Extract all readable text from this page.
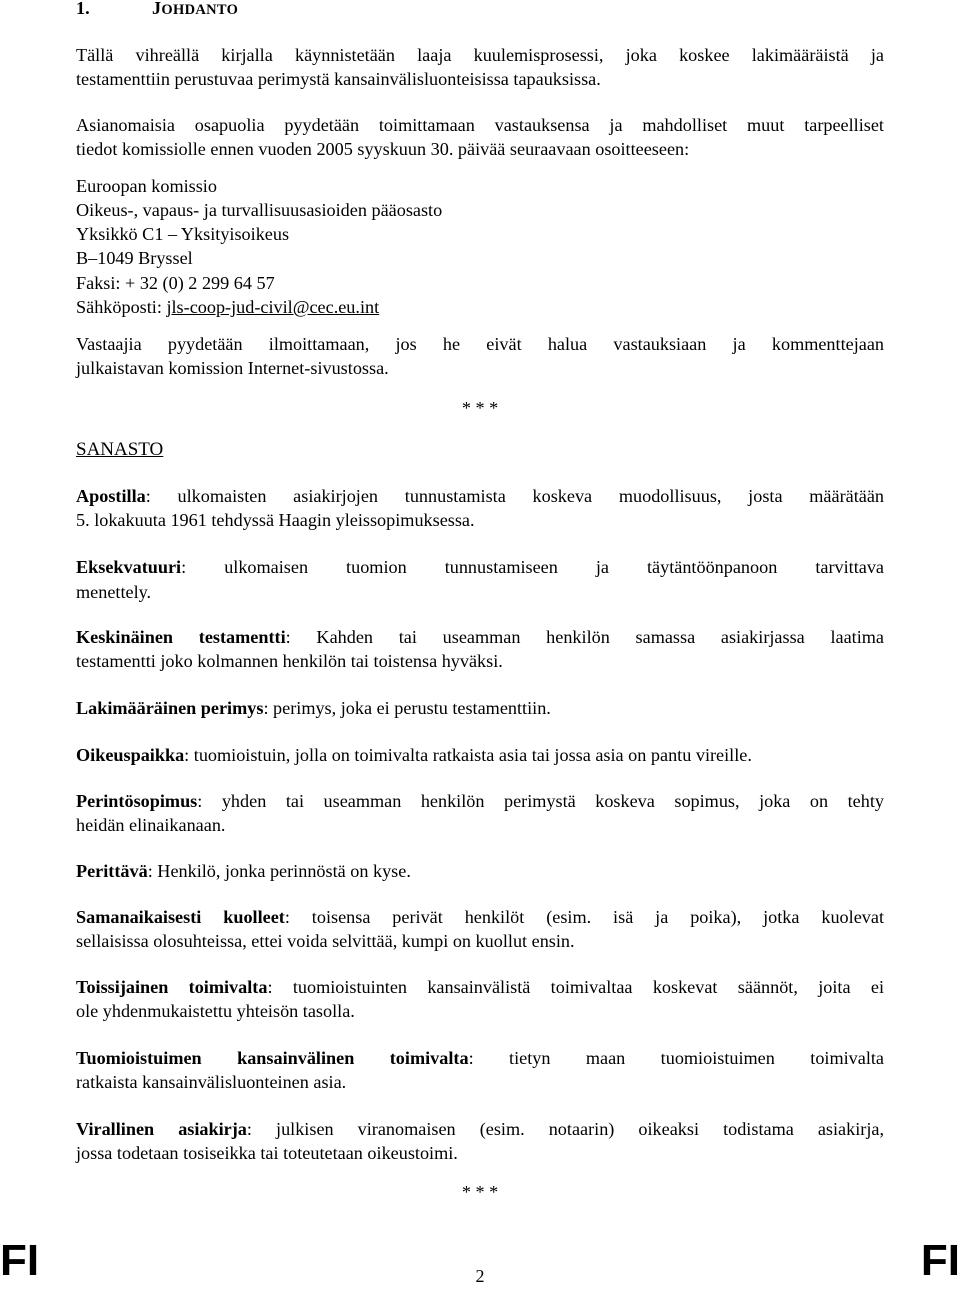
1.	JOHDANTO
Tällä vihreällä kirjalla käynnistetään laaja kuulemisprosessi, joka koskee lakimääräistä ja
testamenttiin perustuvaa perimystä kansainvälisluonteisissa tapauksissa.
Asianomaisia osapuolia pyydetään toimittamaan vastauksensa ja mahdolliset muut tarpeelliset
tiedot komissiolle ennen vuoden 2005 syyskuun 30. päivää seuraavaan osoitteeseen:
Euroopan komissio
Oikeus-, vapaus- ja turvallisuusasioiden pääosasto
Yksikkö C1 – Yksityisoikeus
B–1049 Bryssel
Faksi: + 32 (0) 2 299 64 57
Sähköposti: jls-coop-jud-civil@cec.eu.int
Vastaajia pyydetään ilmoittamaan, jos he eivät halua vastauksiaan ja kommenttejaan
julkaistavan komission Internet-sivustossa.
* * *
SANASTO
Apostilla: ulkomaisten asiakirjojen tunnustamista koskeva muodollisuus, josta määrätään
5. lokakuuta 1961 tehdyssä Haagin yleissopimuksessa.
Eksekvatuuri: ulkomaisen tuomion tunnustamiseen ja täytäntöönpanoon tarvittava
menettely.
Keskinäinen testamentti: Kahden tai useamman henkilön samassa asiakirjassa laatima
testamentti joko kolmannen henkilön tai toistensa hyväksi.
Lakimääräinen perimys: perimys, joka ei perustu testamenttiin.
Oikeuspaikka: tuomioistuin, jolla on toimivalta ratkaista asia tai jossa asia on pantu vireille.
Perintösopimus: yhden tai useamman henkilön perimystä koskeva sopimus, joka on tehty
heidän elinaikanaan.
Perittävä: Henkilö, jonka perinnöstä on kyse.
Samanaikaisesti kuolleet: toisensa perivät henkilöt (esim. isä ja poika), jotka kuolevat
sellaisissa olosuhteissa, ettei voida selvittää, kumpi on kuollut ensin.
Toissijainen toimivalta: tuomioistuinten kansainvälistä toimivaltaa koskevat säännöt, joita ei
ole yhdenmukaistettu yhteisön tasolla.
Tuomioistuimen kansainvälinen toimivalta: tietyn maan tuomioistuimen toimivalta
ratkaista kansainvälisluonteinen asia.
Virallinen asiakirja: julkisen viranomaisen (esim. notaarin) oikeaksi todistama asiakirja,
jossa todetaan tosiseikka tai toteutetaan oikeustoimi.
* * *
FI	2	FI
